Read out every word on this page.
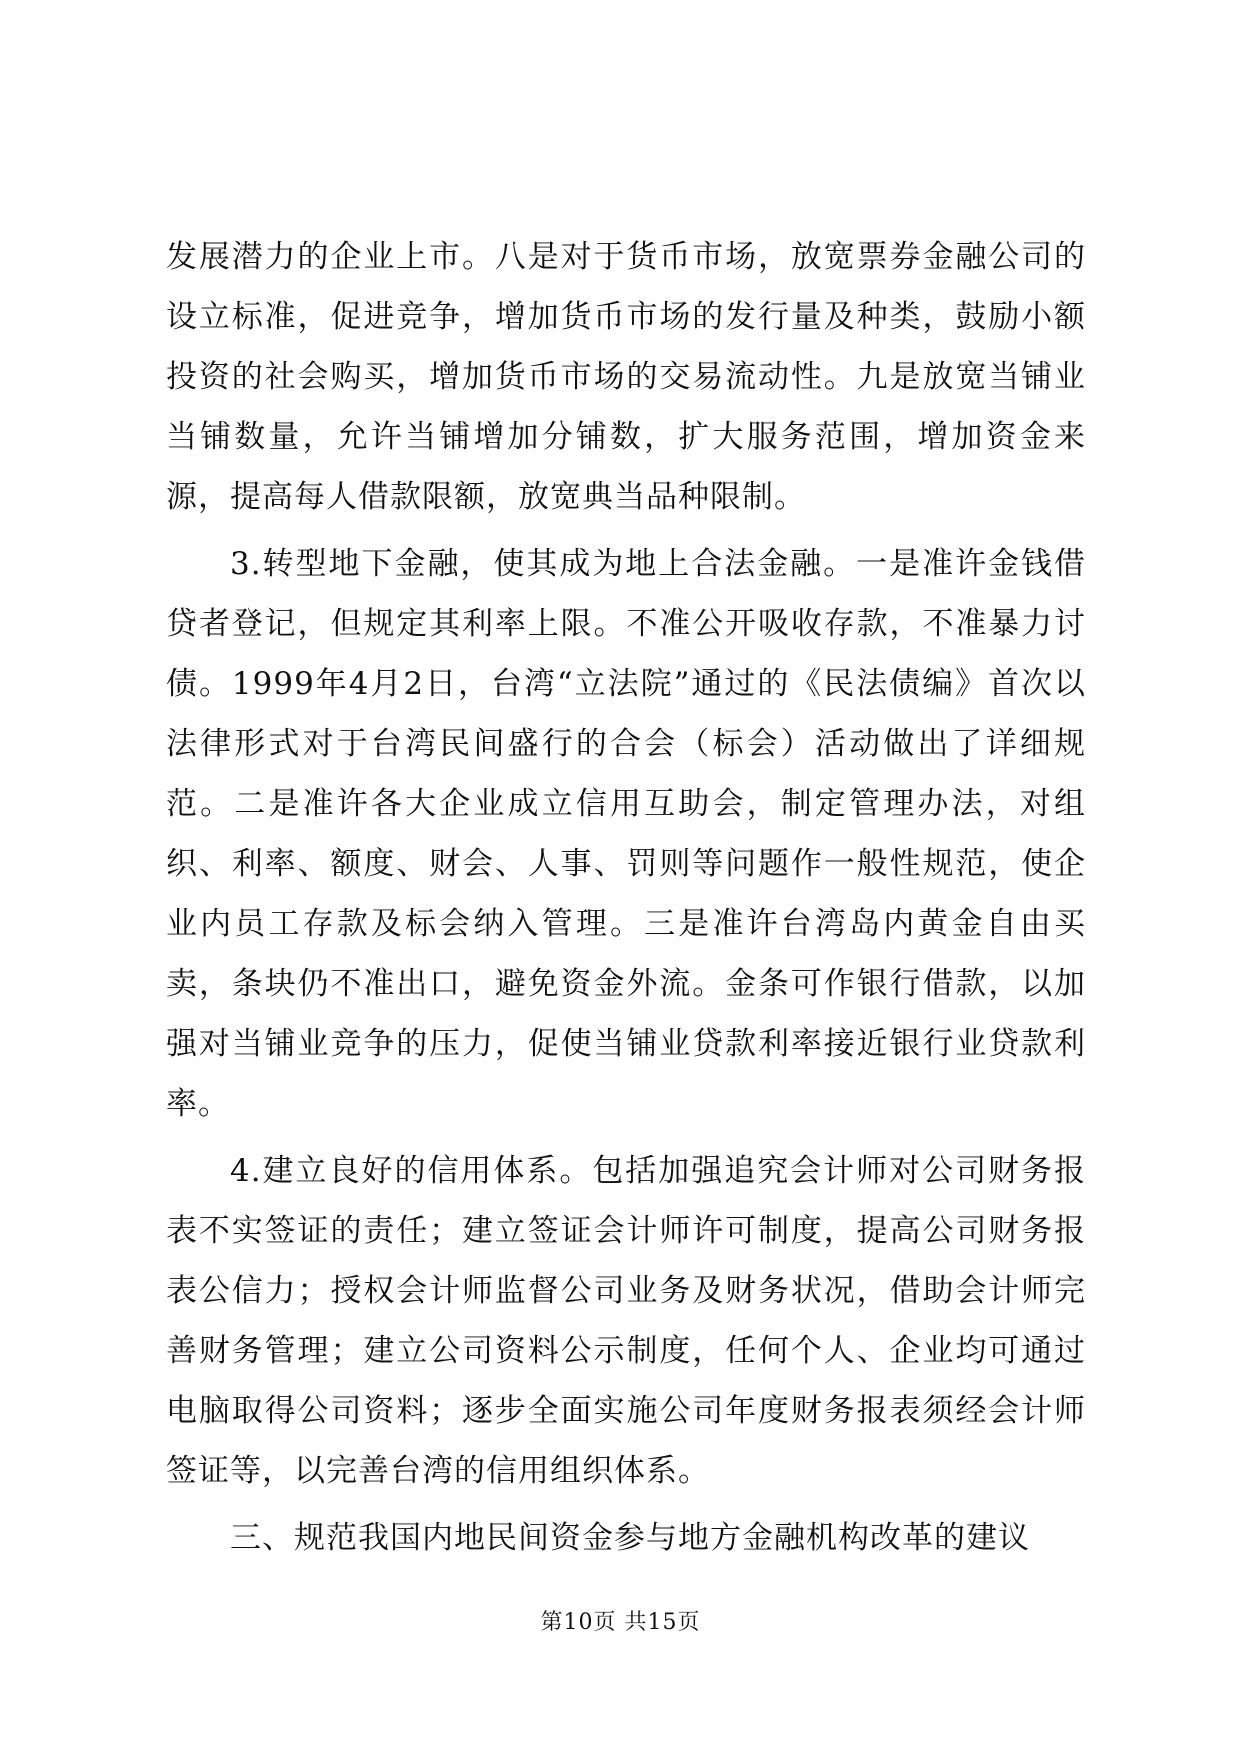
发展潜力的企业上市。八是对于货币市场，放宽票券金融公司的设立标准，促进竞争，增加货币市场的发行量及种类，鼓励小额投资的社会购买，增加货币市场的交易流动性。九是放宽当铺业当铺数量，允许当铺增加分铺数，扩大服务范围，增加资金来源，提高每人借款限额，放宽典当品种限制。

3.转型地下金融，使其成为地上合法金融。一是准许金钱借贷者登记，但规定其利率上限。不准公开吸收存款，不准暴力讨债。1999年4月2日，台湾“立法院”通过的《民法债编》首次以法律形式对于台湾民间盛行的合会（标会）活动做出了详细规范。二是准许各大企业成立信用互助会，制定管理办法，对组织、利率、额度、财会、人事、罚则等问题作一般性规范，使企业内员工存款及标会纳入管理。三是准许台湾岛内黄金自由买卖，条块仍不准出口，避免资金外流。金条可作银行借款，以加强对当铺业竞争的压力，促使当铺业贷款利率接近银行业贷款利率。

4.建立良好的信用体系。包括加强追究会计师对公司财务报表不实签证的责任；建立签证会计师许可制度，提高公司财务报表公信力；授权会计师监督公司业务及财务状况，借助会计师完善财务管理；建立公司资料公示制度，任何个人、企业均可通过电脑取得公司资料；逐步全面实施公司年度财务报表须经会计师签证等，以完善台湾的信用组织体系。

三、规范我国内地民间资金参与地方金融机构改革的建议

第10页 共15页
